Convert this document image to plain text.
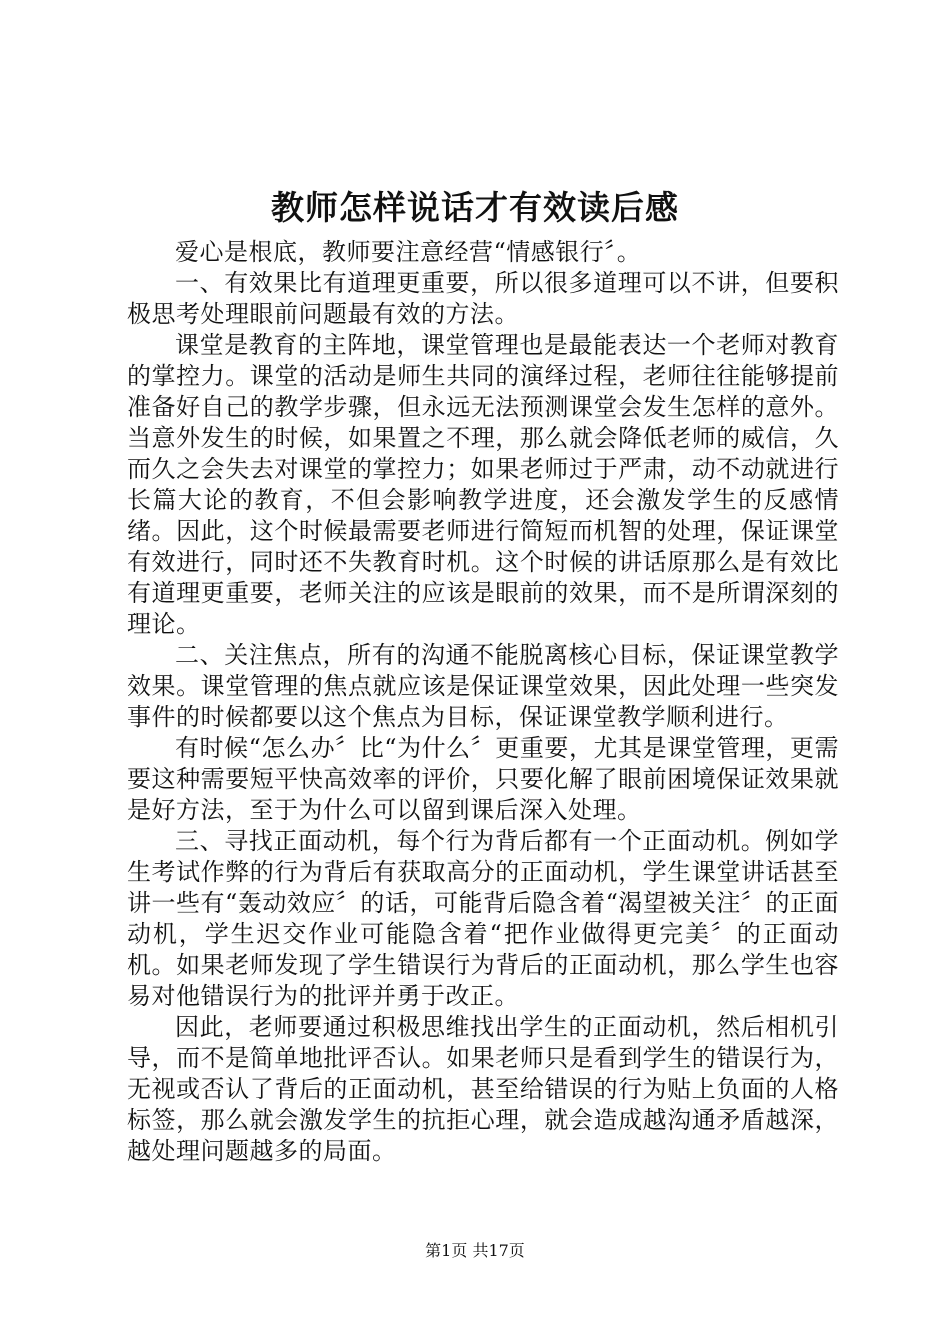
教师怎样说话才有效读后感

爱心是根底，教师要注意经营“情感银行〞。

一、有效果比有道理更重要，所以很多道理可以不讲，但要积极思考处理眼前问题最有效的方法。

课堂是教育的主阵地，课堂管理也是最能表达一个老师对教育的掌控力。课堂的活动是师生共同的演绎过程，老师往往能够提前准备好自己的教学步骤，但永远无法预测课堂会发生怎样的意外。当意外发生的时候，如果置之不理，那么就会降低老师的威信，久而久之会失去对课堂的掌控力；如果老师过于严肃，动不动就进行长篇大论的教育，不但会影响教学进度，还会激发学生的反感情绪。因此，这个时候最需要老师进行简短而机智的处理，保证课堂有效进行，同时还不失教育时机。这个时候的讲话原那么是有效比有道理更重要，老师关注的应该是眼前的效果，而不是所谓深刻的理论。

二、关注焦点，所有的沟通不能脱离核心目标，保证课堂教学效果。课堂管理的焦点就应该是保证课堂效果，因此处理一些突发事件的时候都要以这个焦点为目标，保证课堂教学顺利进行。

有时候“怎么办〞比“为什么〞更重要，尤其是课堂管理，更需要这种需要短平快高效率的评价，只要化解了眼前困境保证效果就是好方法，至于为什么可以留到课后深入处理。

三、寻找正面动机，每个行为背后都有一个正面动机。例如学生考试作弊的行为背后有获取高分的正面动机，学生课堂讲话甚至讲一些有“轰动效应〞的话，可能背后隐含着“渴望被关注〞的正面动机，学生迟交作业可能隐含着“把作业做得更完美〞的正面动机。如果老师发现了学生错误行为背后的正面动机，那么学生也容易对他错误行为的批评并勇于改正。

因此，老师要通过积极思维找出学生的正面动机，然后相机引导，而不是简单地批评否认。如果老师只是看到学生的错误行为，无视或否认了背后的正面动机，甚至给错误的行为贴上负面的人格标签，那么就会激发学生的抗拒心理，就会造成越沟通矛盾越深，越处理问题越多的局面。

第1页 共17页
